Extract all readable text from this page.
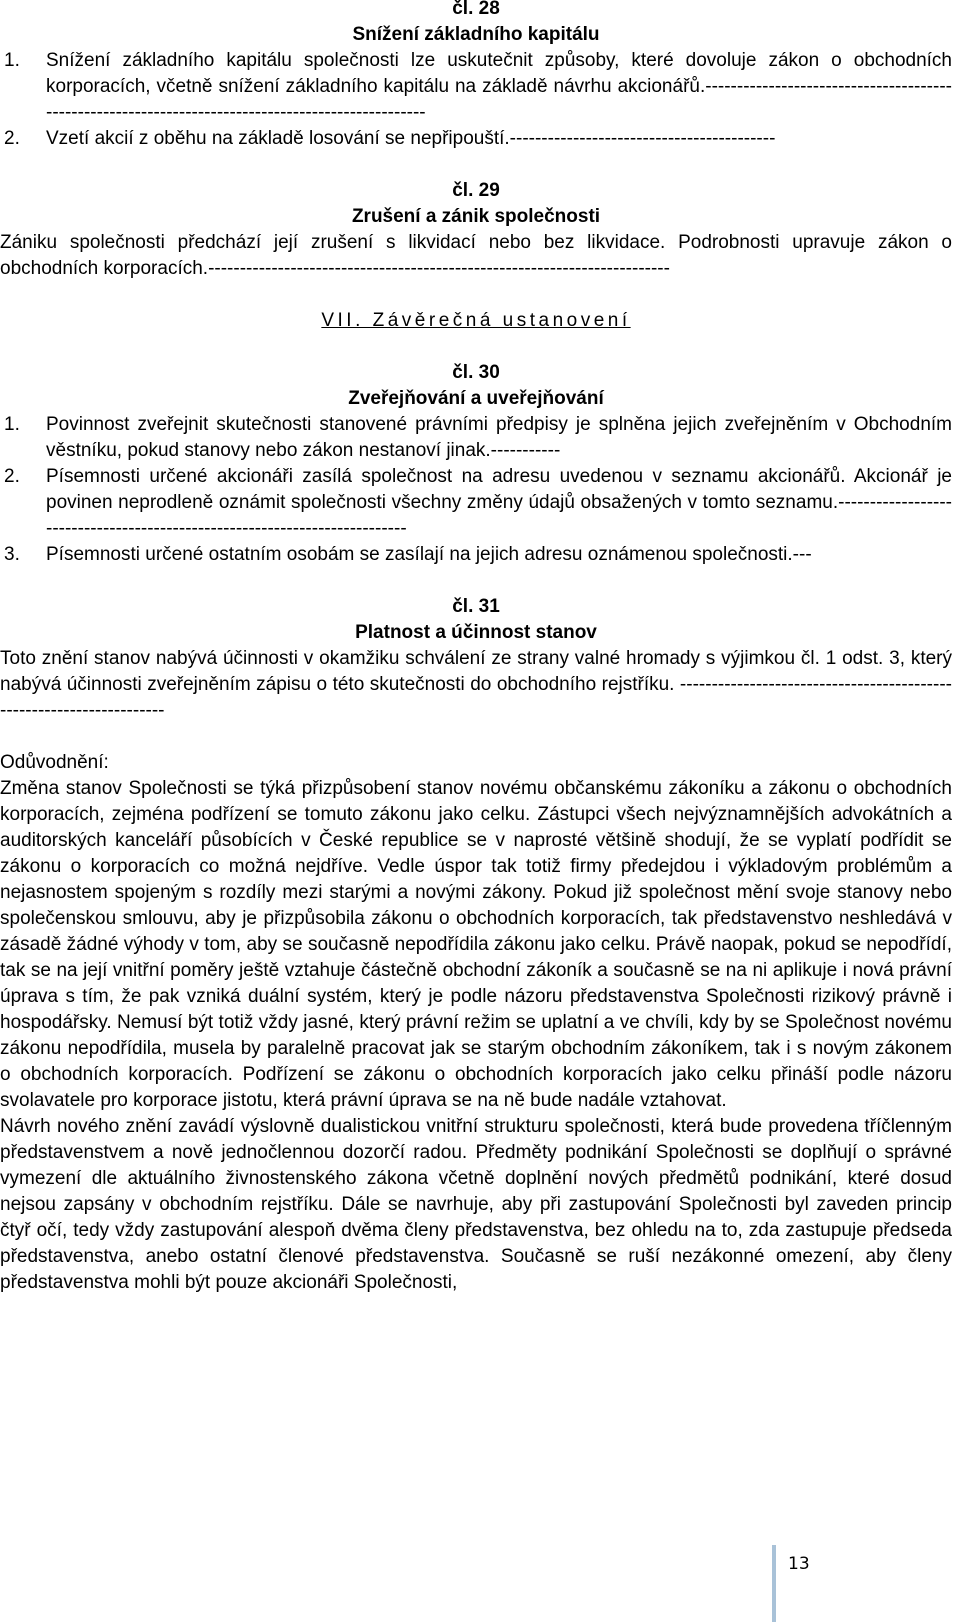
čl. 28

Snížení základního kapitálu

1.	Snížení základního kapitálu společnosti lze uskutečnit způsoby, které dovoluje zákon o obchodních korporacích, včetně snížení základního kapitálu na základě návrhu akcionářů.---------------------------------------------------------------------------------------------------
2.	Vzetí akcií z oběhu na základě losování se nepřipouští.------------------------------------------

čl. 29

Zrušení a zánik společnosti

Zániku společnosti předchází její zrušení s likvidací nebo bez likvidace. Podrobnosti upravuje zákon o obchodních korporacích.-------------------------------------------------------------------------

VII. Závěrečná ustanovení

čl. 30

Zveřejňování a uveřejňování

1.	Povinnost zveřejnit skutečnosti stanovené právními předpisy je splněna jejich zveřejněním v Obchodním věstníku, pokud stanovy nebo zákon nestanoví jinak.-----------
2.	Písemnosti určené akcionáři zasílá společnost na adresu uvedenou v seznamu akcionářů. Akcionář je povinen neprodleně oznámit společnosti všechny změny údajů obsažených v tomto seznamu.---------------------------------------------------------------------------
3.	Písemnosti určené ostatním osobám se zasílají na jejich adresu oznámenou společnosti.---

čl. 31

Platnost a účinnost stanov

Toto znění stanov nabývá účinnosti v okamžiku schválení ze strany valné hromady s výjimkou čl. 1 odst. 3, který nabývá účinnosti zveřejněním zápisu o této skutečnosti do obchodního rejstříku. ---------------------------------------------------------------------

Odůvodnění:

Změna stanov Společnosti se týká přizpůsobení stanov novému občanskému zákoníku a zákonu o obchodních korporacích, zejména podřízení se tomuto zákonu jako celku. Zástupci všech nejvýznamnějších advokátních a auditorských kanceláří působících v České republice se v naprosté většině shodují, že se vyplatí podřídit se zákonu o korporacích co možná nejdříve. Vedle úspor tak totiž firmy předejdou i výkladovým problémům a nejasnostem spojeným s rozdíly mezi starými a novými zákony. Pokud již společnost mění svoje stanovy nebo společenskou smlouvu, aby je přizpůsobila zákonu o obchodních korporacích, tak představenstvo neshledává v zásadě žádné výhody v tom, aby se současně nepodřídila zákonu jako celku. Právě naopak, pokud se nepodřídí, tak se na její vnitřní poměry ještě vztahuje částečně obchodní zákoník a současně se na ni aplikuje i nová právní úprava s tím, že pak vzniká duální systém, který je podle názoru představenstva Společnosti rizikový právně i hospodářsky. Nemusí být totiž vždy jasné, který právní režim se uplatní a ve chvíli, kdy by se Společnost novému zákonu nepodřídila, musela by paralelně pracovat jak se starým obchodním zákoníkem, tak i s novým zákonem o obchodních korporacích. Podřízení se zákonu o obchodních korporacích jako celku přináší podle názoru svolavatele pro korporace jistotu, která právní úprava se na ně bude nadále vztahovat.

Návrh nového znění zavádí výslovně dualistickou vnitřní strukturu společnosti, která bude provedena tříčlenným představenstvem a nově jednočlennou dozorčí radou. Předměty podnikání Společnosti se doplňují o správné vymezení dle aktuálního živnostenského zákona včetně doplnění nových předmětů podnikání, které dosud nejsou zapsány v obchodním rejstříku. Dále se navrhuje, aby při zastupování Společnosti byl zaveden princip čtyř očí, tedy vždy zastupování alespoň dvěma členy představenstva, bez ohledu na to, zda zastupuje předseda představenstva, anebo ostatní členové představenstva. Současně se ruší nezákonné omezení, aby členy představenstva mohli být pouze akcionáři Společnosti,

13
